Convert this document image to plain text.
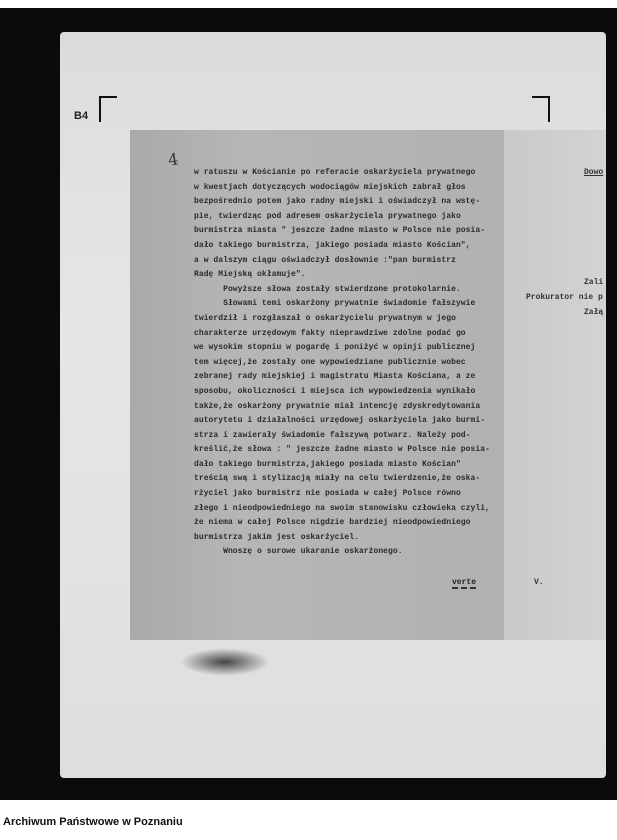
B4
4
w ratuszu w Kościanie po referacie oskarżyciela prywatnego
w kwestjach dotyczących wodociągów miejskich zabrał głos
bezpośrednio potem jako radny miejski i oświadczył na wstę-
pie, twierdząc pod adresem oskarżyciela prywatnego jako
burmistrza miasta " jeszcze żadne miasto w Polsce nie posia-
dało takiego burmistrza, jakiego posiada miasto Kościan",
a w dalszym ciągu oświadczył dosłownie :"pan burmistrz
Radę Miejską okłamuje".
Powyższe słowa zostały stwierdzone protokolarnie.
Słowami temi oskarżony prywatnie świadomie fałszywie
twierdził i rozgłaszał o oskarżycielu prywatnym w jego
charakterze urzędowym fakty nieprawdziwe zdolne podać go
we wysokim stopniu w pogardę i poniżyć w opinji publicznej
tem więcej,że zostały one wypowiedziane publicznie wobec
zebranej rady miejskiej i magistratu Miasta Kościana, a ze
sposobu, okoliczności i miejsca ich wypowiedzenia wynikało
także,że oskarżony prywatnie miał intencję zdyskredytowania
autorytetu i działalności urzędowej oskarżyciela jako burmi-
strza i zawierały świadomie fałszywą potwarz. Należy pod-
kreślić,że słowa : " jeszcze żadne miasto w Polsce nie posia-
dało takiego burmistrza,jakiego posiada miasto Kościan"
treścią swą i stylizacją miały na celu twierdzenie,że oska-
rżyciel jako burmistrz nie posiada w całej Polsce równo
złego i nieodpowiedniego na swoim stanowisku człowieka czyli,
że niema w całej Polsce nigdzie bardziej nieodpowiedniego
burmistrza jakim jest oskarżyciel.
Wnoszę o surowe ukaranie oskarżonego.
verte
Dowo
Zali
Prokurator nie p
Załą
V.
Archiwum Państwowe w Poznaniu
